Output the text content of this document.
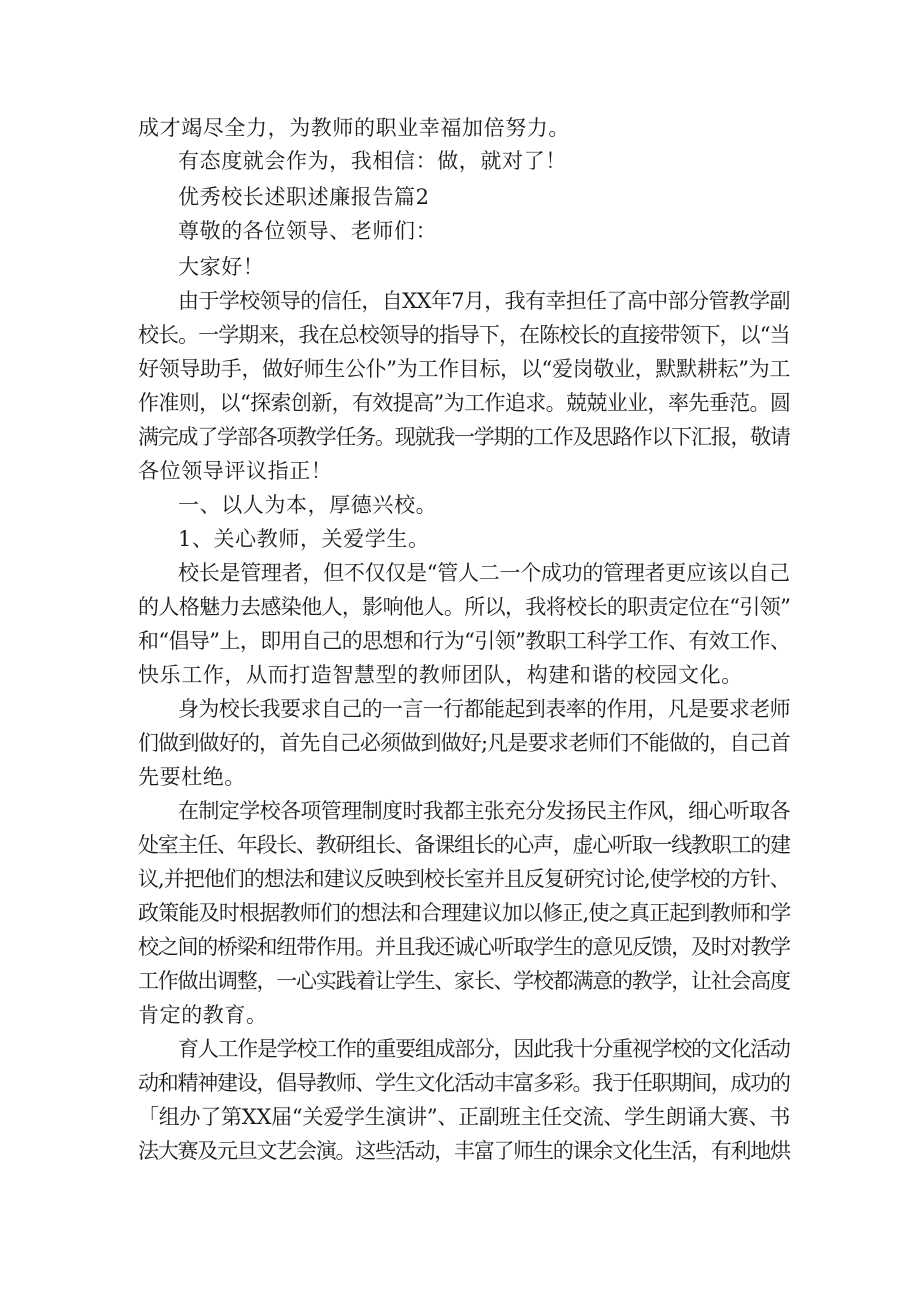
成才竭尽全力，为教师的职业幸福加倍努力。
有态度就会作为，我相信：做，就对了！
优秀校长述职述廉报告篇2
尊敬的各位领导、老师们：
大家好！
由于学校领导的信任，自XX年7月，我有幸担任了高中部分管教学副
校长。一学期来，我在总校领导的指导下，在陈校长的直接带领下，以“当
好领导助手，做好师生公仆”为工作目标，以“爱岗敬业，默默耕耘”为工
作准则，以“探索创新，有效提高”为工作追求。兢兢业业，率先垂范。圆
满完成了学部各项教学任务。现就我一学期的工作及思路作以下汇报，敬请
各位领导评议指正！
一、以人为本，厚德兴校。
1、关心教师，关爱学生。
校长是管理者，但不仅仅是“管人二一个成功的管理者更应该以自己
的人格魅力去感染他人，影响他人。所以，我将校长的职责定位在“引领”
和“倡导”上，即用自己的思想和行为“引领”教职工科学工作、有效工作、
快乐工作，从而打造智慧型的教师团队，构建和谐的校园文化。
身为校长我要求自己的一言一行都能起到表率的作用，凡是要求老师
们做到做好的，首先自己必须做到做好;凡是要求老师们不能做的，自己首
先要杜绝。
在制定学校各项管理制度时我都主张充分发扬民主作风，细心听取各
处室主任、年段长、教研组长、备课组长的心声，虚心听取一线教职工的建
议,并把他们的想法和建议反映到校长室并且反复研究讨论,使学校的方针、
政策能及时根据教师们的想法和合理建议加以修正,使之真正起到教师和学
校之间的桥梁和纽带作用。并且我还诚心听取学生的意见反馈，及时对教学
工作做出调整，一心实践着让学生、家长、学校都满意的教学，让社会高度
肯定的教育。
育人工作是学校工作的重要组成部分，因此我十分重视学校的文化活动
动和精神建设，倡导教师、学生文化活动丰富多彩。我于任职期间，成功的
「组办了第XX届“关爱学生演讲”、正副班主任交流、学生朗诵大赛、书
法大赛及元旦文艺会演。这些活动，丰富了师生的课余文化生活，有利地烘
